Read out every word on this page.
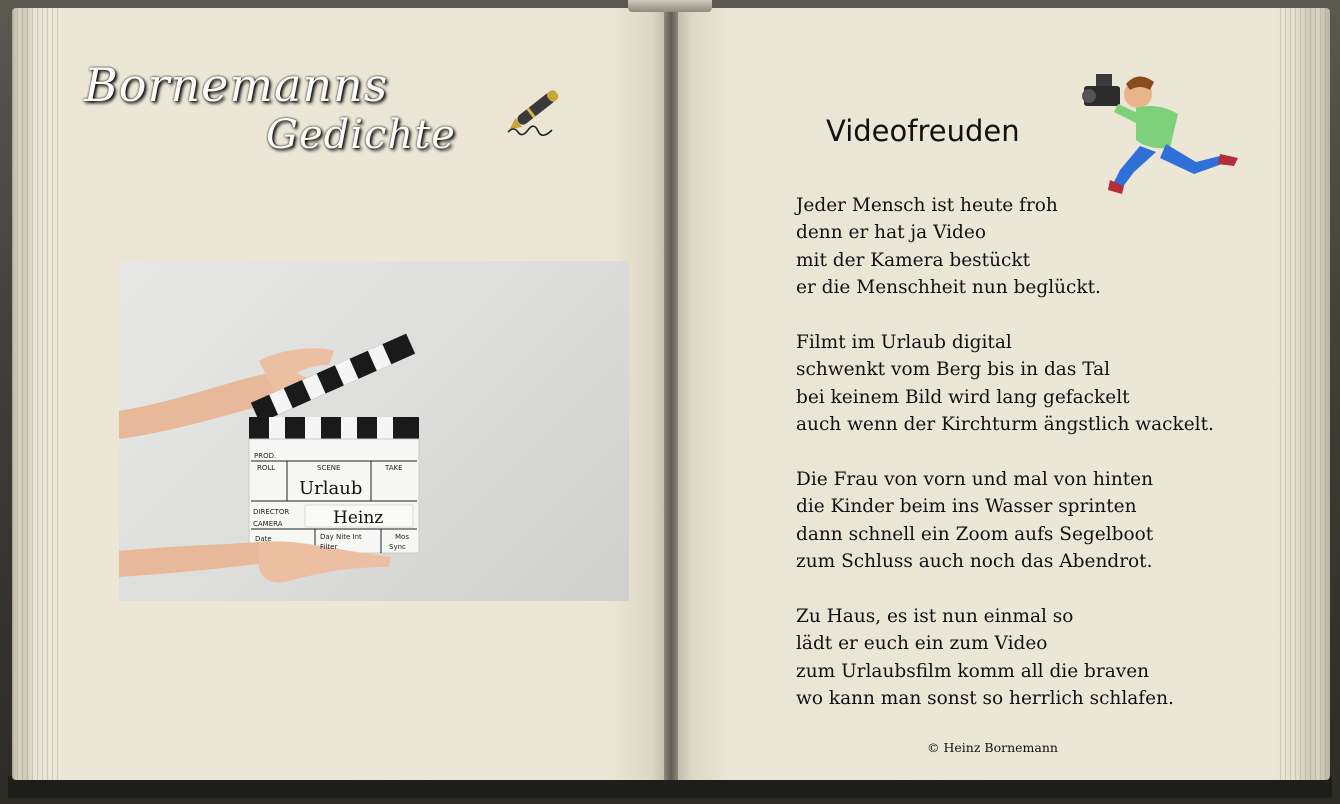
Bornemanns
Gedichte
PROD.
ROLL	SCENE	TAKE
Urlaub
DIRECTOR
CAMERA	Heinz
Date	Day Nite Int
Filter
Mos
Sync
Videofreuden
Jeder Mensch ist heute froh
denn er hat ja Video
mit der Kamera bestückt
er die Menschheit nun beglückt.
Filmt im Urlaub digital
schwenkt vom Berg bis in das Tal
bei keinem Bild wird lang gefackelt
auch wenn der Kirchturm ängstlich wackelt.
Die Frau von vorn und mal von hinten
die Kinder beim ins Wasser sprinten
dann schnell ein Zoom aufs Segelboot
zum Schluss auch noch das Abendrot.
Zu Haus, es ist nun einmal so
lädt er euch ein zum Video
zum Urlaubsfilm komm all die braven
wo kann man sonst so herrlich schlafen.
© Heinz Bornemann
